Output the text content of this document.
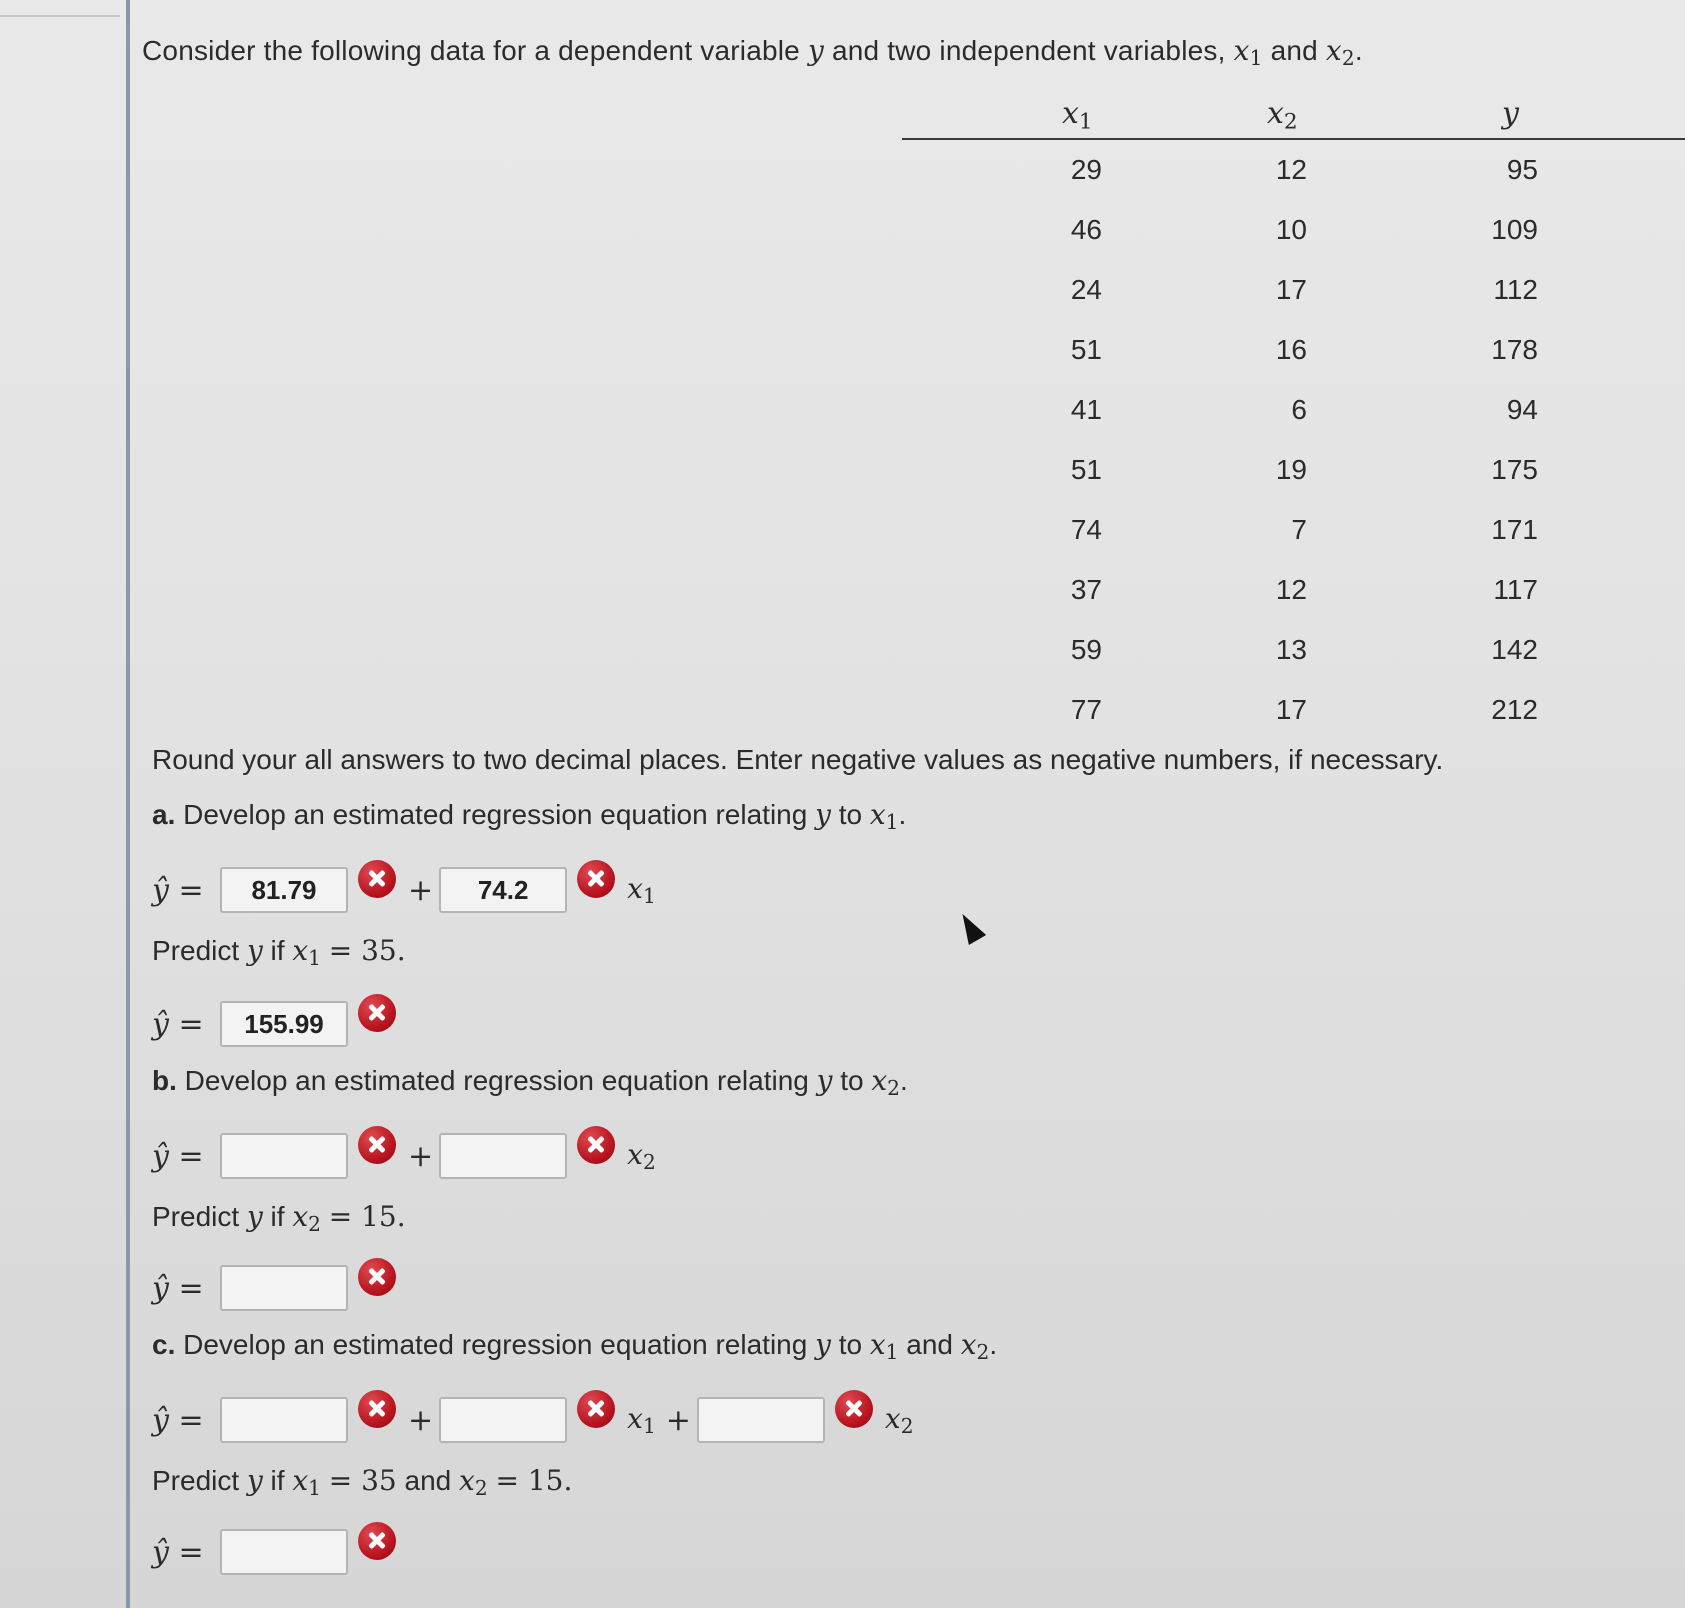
Consider the following data for a dependent variable y and two independent variables, $x_1$ and $x_2$.
$x_1$	$x_2$	y
29	12	95
46	10	109
24	17	112
51	16	178
41	6	94
51	19	175
74	7	171
37	12	117
59	13	142
77	17	212
Round your all answers to two decimal places. Enter negative values as negative numbers, if necessary.
a. Develop an estimated regression equation relating y to $x_1$.
ŷ =	81.79	+	74.2	$x_1$
Predict y if $x_1 = 35$.
ŷ =	155.99
b. Develop an estimated regression equation relating y to $x_2$.
ŷ =	+	$x_2$
Predict y if $x_2 = 15$.
ŷ =
c. Develop an estimated regression equation relating y to $x_1$ and $x_2$.
ŷ =	+	$x_1$ +	$x_2$
Predict y if $x_1 = 35$ and $x_2 = 15$.
ŷ =
